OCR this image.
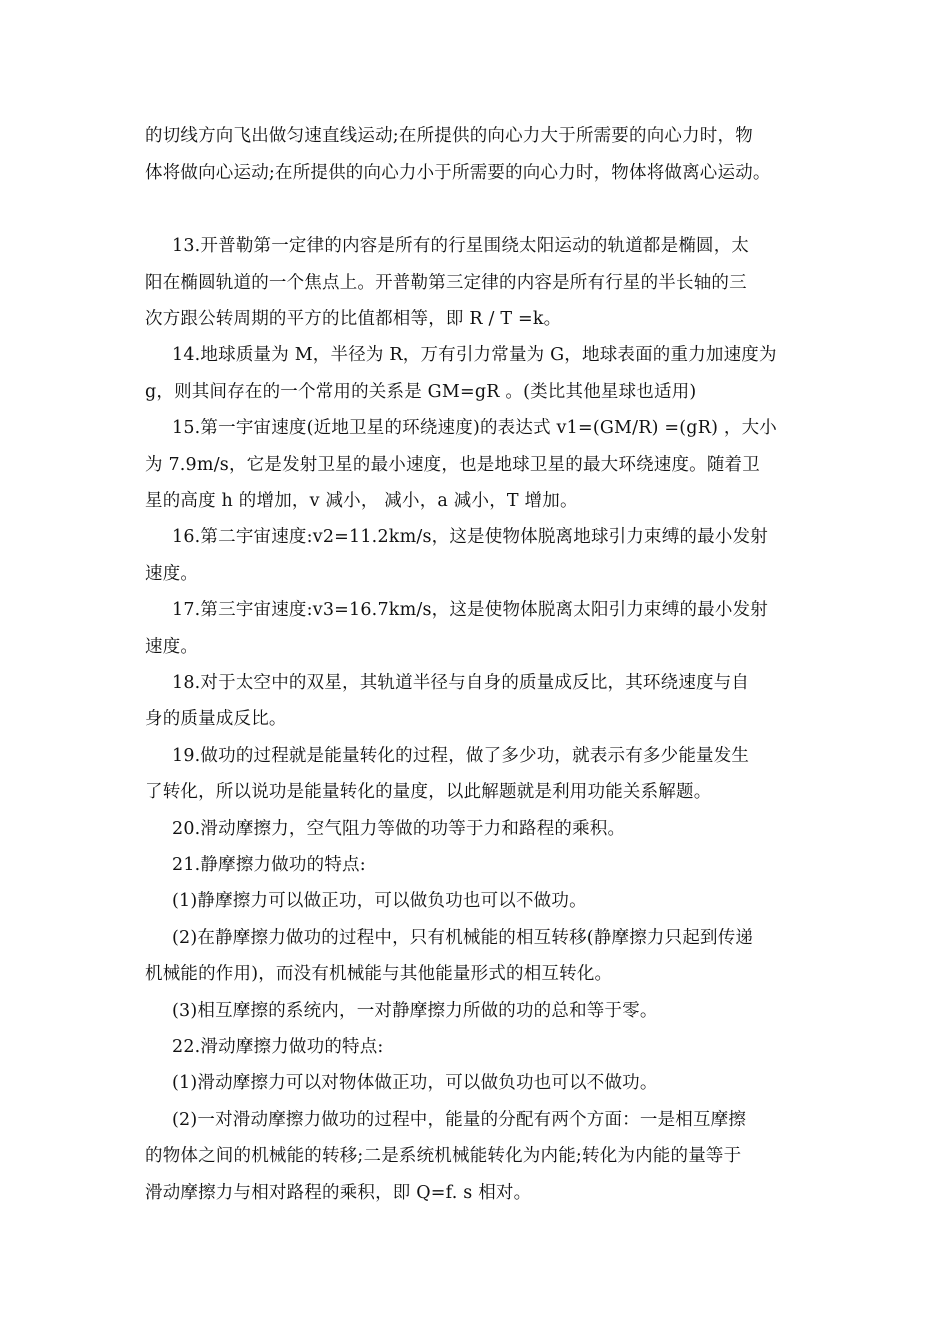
的切线方向飞出做匀速直线运动;在所提供的向心力大于所需要的向心力时，物
体将做向心运动;在所提供的向心力小于所需要的向心力时，物体将做离心运动。
13.开普勒第一定律的内容是所有的行星围绕太阳运动的轨道都是椭圆，太
阳在椭圆轨道的一个焦点上。开普勒第三定律的内容是所有行星的半长轴的三
次方跟公转周期的平方的比值都相等，即 R / T =k。
14.地球质量为 M，半径为 R，万有引力常量为 G，地球表面的重力加速度为
g，则其间存在的一个常用的关系是 GM=gR 。(类比其他星球也适用)
15.第一宇宙速度(近地卫星的环绕速度)的表达式 v1=(GM/R) =(gR) ，大小
为 7.9m/s，它是发射卫星的最小速度，也是地球卫星的最大环绕速度。随着卫
星的高度 h 的增加，v 减小， 减小，a 减小，T 增加。
16.第二宇宙速度:v2=11.2km/s，这是使物体脱离地球引力束缚的最小发射
速度。
17.第三宇宙速度:v3=16.7km/s，这是使物体脱离太阳引力束缚的最小发射
速度。
18.对于太空中的双星，其轨道半径与自身的质量成反比，其环绕速度与自
身的质量成反比。
19.做功的过程就是能量转化的过程，做了多少功，就表示有多少能量发生
了转化，所以说功是能量转化的量度，以此解题就是利用功能关系解题。
20.滑动摩擦力，空气阻力等做的功等于力和路程的乘积。
21.静摩擦力做功的特点:
(1)静摩擦力可以做正功，可以做负功也可以不做功。
(2)在静摩擦力做功的过程中，只有机械能的相互转移(静摩擦力只起到传递
机械能的作用)，而没有机械能与其他能量形式的相互转化。
(3)相互摩擦的系统内，一对静摩擦力所做的功的总和等于零。
22.滑动摩擦力做功的特点:
(1)滑动摩擦力可以对物体做正功，可以做负功也可以不做功。
(2)一对滑动摩擦力做功的过程中，能量的分配有两个方面：一是相互摩擦
的物体之间的机械能的转移;二是系统机械能转化为内能;转化为内能的量等于
滑动摩擦力与相对路程的乘积，即 Q=f. s 相对。
